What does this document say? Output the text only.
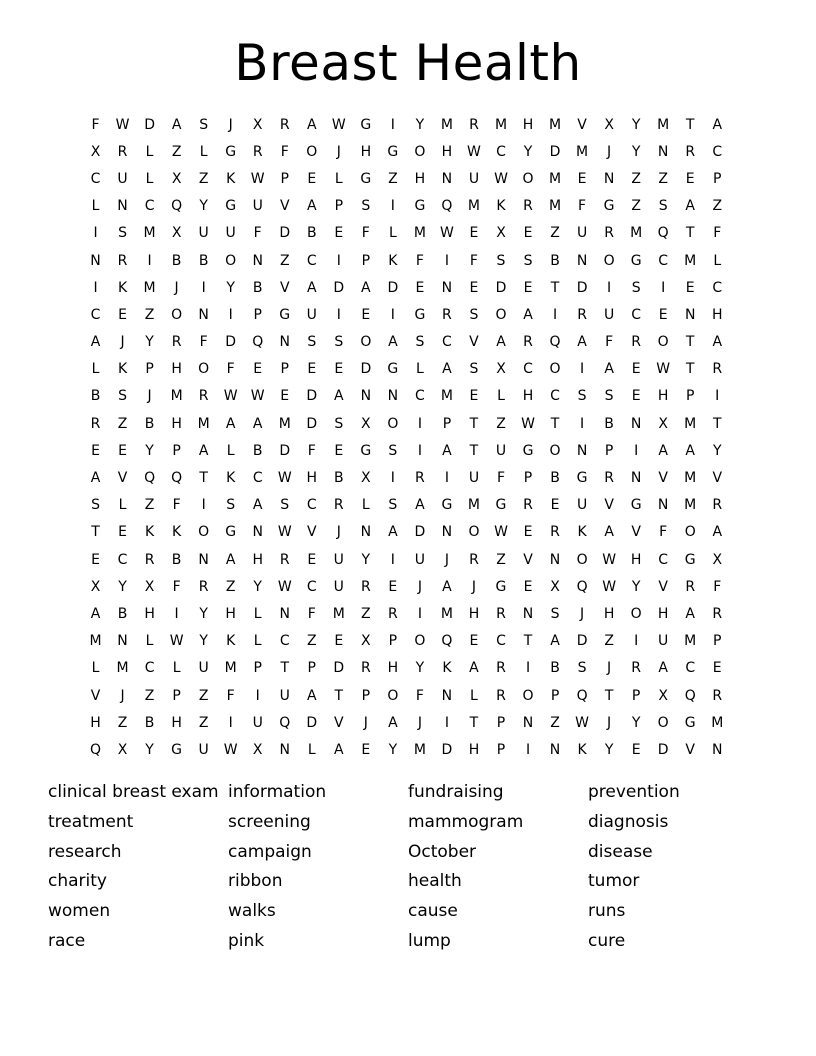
Breast Health
F	W	D	A	S	J	X	R	A	W	G	I	Y	M	R	M	H	M	V	X	Y	M	T	A
X	R	L	Z	L	G	R	F	O	J	H	G	O	H	W	C	Y	D	M	J	Y	N	R	C
C	U	L	X	Z	K	W	P	E	L	G	Z	H	N	U	W	O	M	E	N	Z	Z	E	P
L	N	C	Q	Y	G	U	V	A	P	S	I	G	Q	M	K	R	M	F	G	Z	S	A	Z
I	S	M	X	U	U	F	D	B	E	F	L	M	W	E	X	E	Z	U	R	M	Q	T	F
N	R	I	B	B	O	N	Z	C	I	P	K	F	I	F	S	S	B	N	O	G	C	M	L
I	K	M	J	I	Y	B	V	A	D	A	D	E	N	E	D	E	T	D	I	S	I	E	C
C	E	Z	O	N	I	P	G	U	I	E	I	G	R	S	O	A	I	R	U	C	E	N	H
A	J	Y	R	F	D	Q	N	S	S	O	A	S	C	V	A	R	Q	A	F	R	O	T	A
L	K	P	H	O	F	E	P	E	E	D	G	L	A	S	X	C	O	I	A	E	W	T	R
B	S	J	M	R	W W	E	D	A	N	N	C	M	E	L	H	C	S	S	E	H	P	I
R	Z	B	H	M	A	A	M	D	S	X	O	I	P	T	Z	W	T	I	B	N	X	M	T
E	E	Y	P	A	L	B	D	F	E	G	S	I	A	T	U	G	O	N	P	I	A	A	Y
A	V	Q	Q	T	K	C	W	H	B	X	I	R	I	U	F	P	B	G	R	N	V	M	V
S	L	Z	F	I	S	A	S	C	R	L	S	A	G	M	G	R	E	U	V	G	N	M	R
T	E	K	K	O	G	N	W	V	J	N	A	D	N	O	W	E	R	K	A	V	F	O	A
E	C	R	B	N	A	H	R	E	U	Y	I	U	J	R	Z	V	N	O	W	H	C	G	X
X	Y	X	F	R	Z	Y	W	C	U	R	E	J	A	J	G	E	X	Q	W	Y	V	R	F
A	B	H	I	Y	H	L	N	F	M	Z	R	I	M	H	R	N	S	J	H	O	H	A	R
M	N	L	W	Y	K	L	C	Z	E	X	P	O	Q	E	C	T	A	D	Z	I	U	M	P
L	M	C	L	U	M	P	T	P	D	R	H	Y	K	A	R	I	B	S	J	R	A	C	E
V	J	Z	P	Z	F	I	U	A	T	P	O	F	N	L	R	O	P	Q	T	P	X	Q	R
H	Z	B	H	Z	I	U	Q	D	V	J	A	J	I	T	P	N	Z	W	J	Y	O	G	M
Q	X	Y	G	U	W	X	N	L	A	E	Y	M	D	H	P	I	N	K	Y	E	D	V	N
clinical breast exam
treatment
research
charity
women
race
information
screening
campaign
ribbon
walks
pink
fundraising
mammogram
October
health
cause
lump
prevention
diagnosis
disease
tumor
runs
cure
